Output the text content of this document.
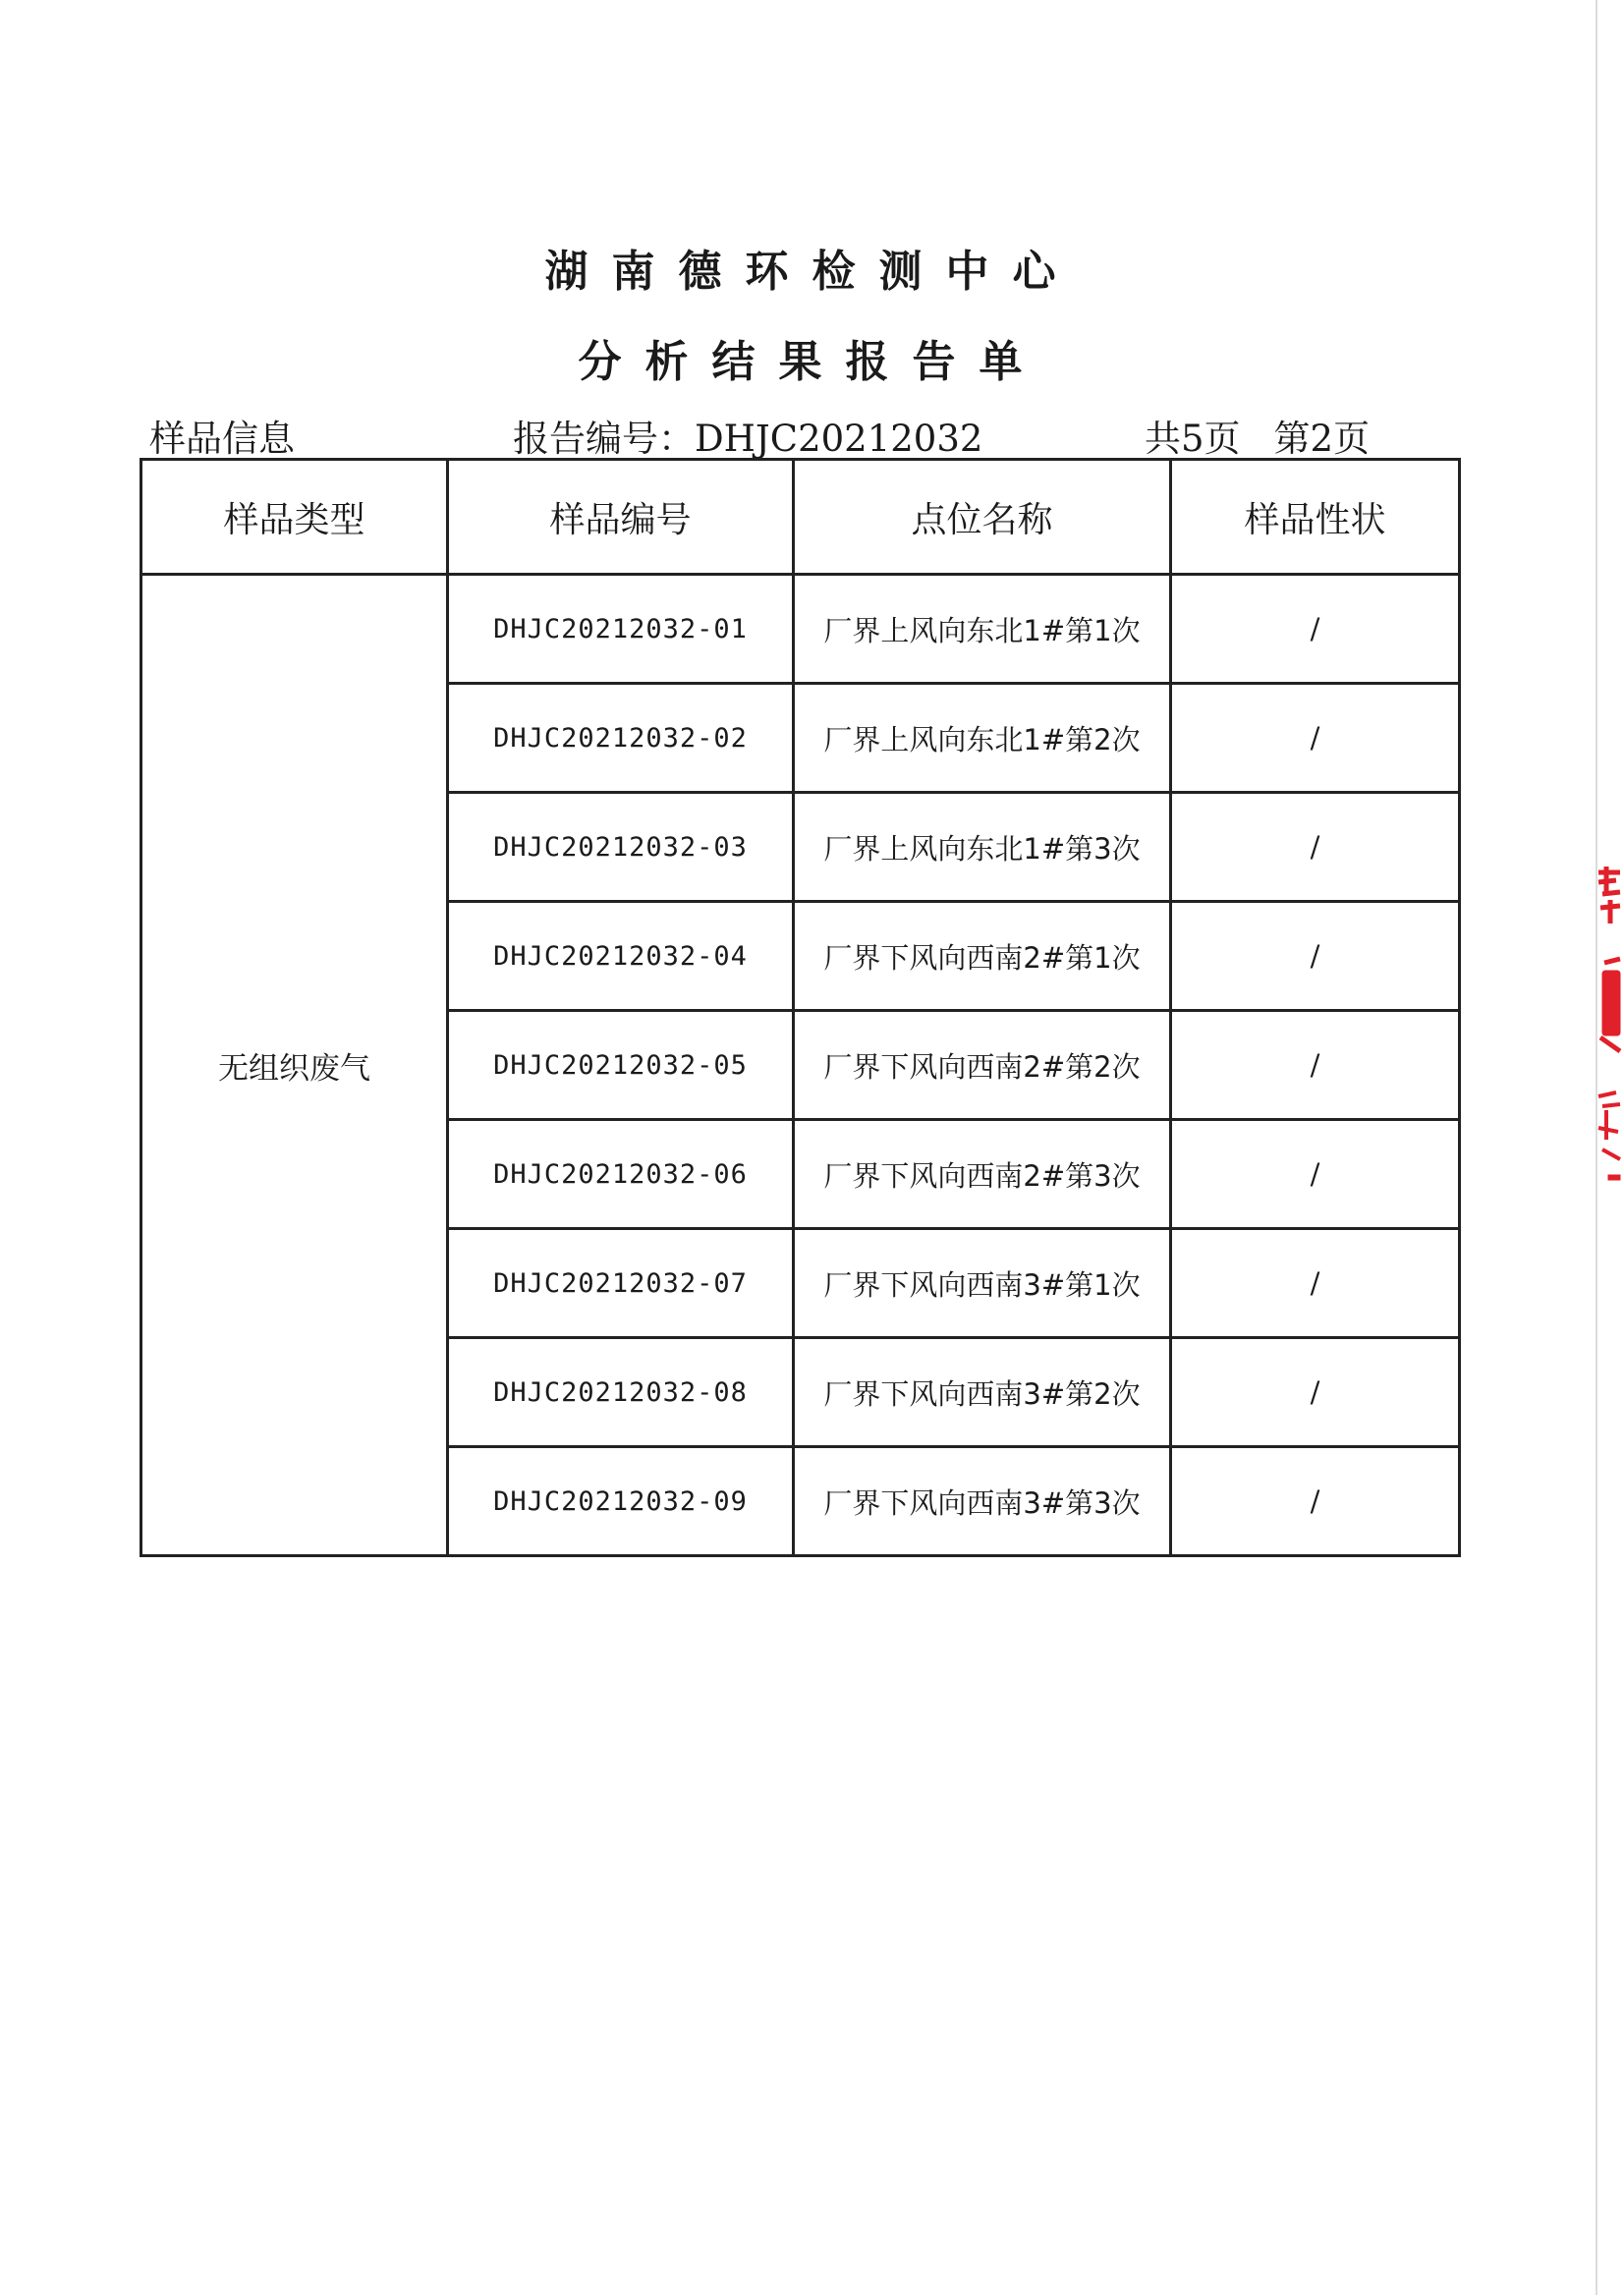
湖南德环检测中心
分析结果报告单
样品信息	报告编号：DHJC20212032	共5页 第2页
样品类型	样品编号	点位名称	样品性状
无组织废气	DHJC20212032-01	厂界上风向东北1#第1次	/
	DHJC20212032-02	厂界上风向东北1#第2次	/
	DHJC20212032-03	厂界上风向东北1#第3次	/
	DHJC20212032-04	厂界下风向西南2#第1次	/
	DHJC20212032-05	厂界下风向西南2#第2次	/
	DHJC20212032-06	厂界下风向西南2#第3次	/
	DHJC20212032-07	厂界下风向西南3#第1次	/
	DHJC20212032-08	厂界下风向西南3#第2次	/
	DHJC20212032-09	厂界下风向西南3#第3次	/
